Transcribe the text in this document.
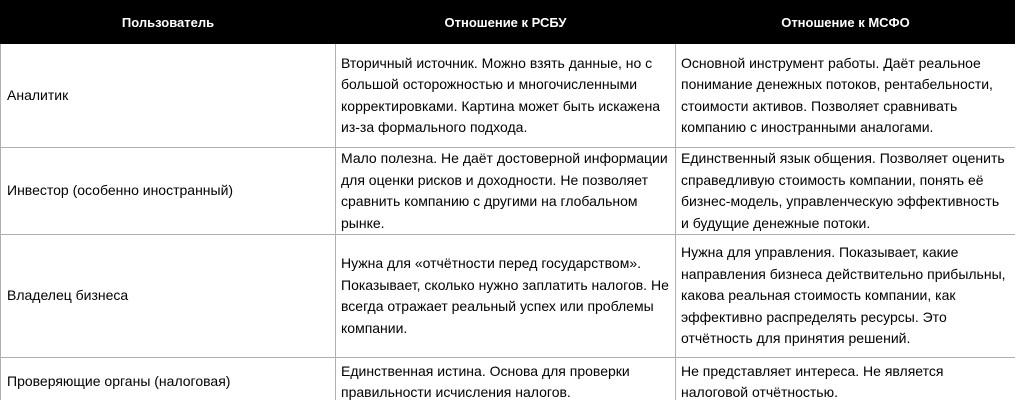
Пользователь	Отношение к РСБУ	Отношение к МСФО
Аналитик	Вторичный источник. Можно взять данные, но с большой осторожностью и многочисленными корректировками. Картина может быть искажена из-за формального подхода.	Основной инструмент работы. Даёт реальное понимание денежных потоков, рентабельности, стоимости активов. Позволяет сравнивать компанию с иностранными аналогами.

Инвестор (особенно иностранный)	Мало полезна. Не даёт достоверной информации для оценки рисков и доходности. Не позволяет сравнить компанию с другими на глобальном рынке.	Единственный язык общения. Позволяет оценить справедливую стоимость компании, понять её бизнес-модель, управленческую эффективность и будущие денежные потоки.

Владелец бизнеса	Нужна для «отчётности перед государством». Показывает, сколько нужно заплатить налогов. Не всегда отражает реальный успех или проблемы компании.	Нужна для управления. Показывает, какие направления бизнеса действительно прибыльны, какова реальная стоимость компании, как эффективно распределять ресурсы. Это отчётность для принятия решений.

Проверяющие органы (налоговая)	Единственная истина. Основа для проверки правильности исчисления налогов.	Не представляет интереса. Не является налоговой отчётностью.
